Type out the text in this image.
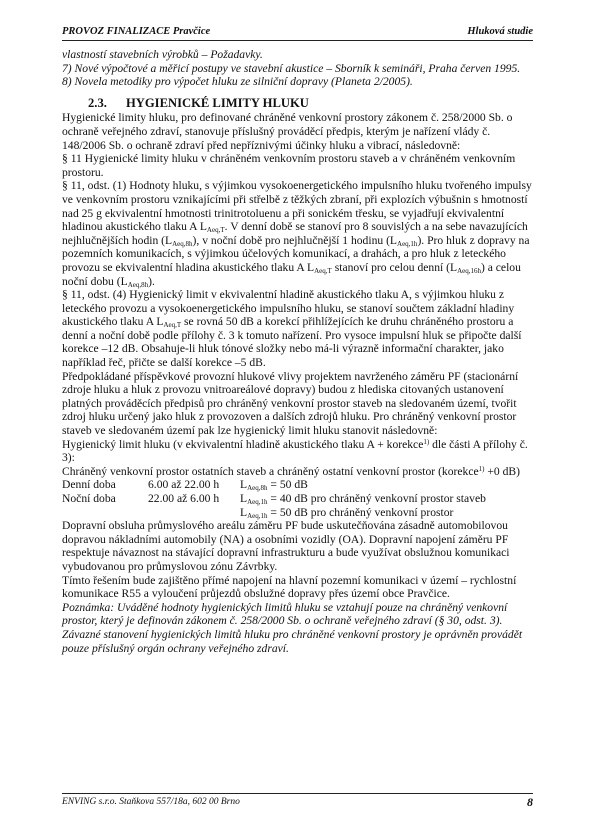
PROVOZ FINALIZACE Pravčice	Hluková studie

vlastností stavebních výrobků – Požadavky.

7) Nové výpočtové a měřicí postupy ve stavební akustice – Sborník k semináři, Praha červen 1995.

8) Novela metodiky pro výpočet hluku ze silniční dopravy (Planeta 2/2005).

2.3. HYGIENICKÉ LIMITY HLUKU

Hygienické limity hluku, pro definované chráněné venkovní prostory zákonem č. 258/2000 Sb. o ochraně veřejného zdraví, stanovuje příslušný prováděcí předpis, kterým je nařízení vlády č. 148/2006 Sb. o ochraně zdraví před nepříznivými účinky hluku a vibrací, následovně:

§ 11 Hygienické limity hluku v chráněném venkovním prostoru staveb a v chráněném venkovním prostoru.

§ 11, odst. (1) Hodnoty hluku, s výjimkou vysokoenergetického impulsního hluku tvořeného impulsy ve venkovním prostoru vznikajícími při střelbě z těžkých zbraní, při explozích výbušnin s hmotností nad 25 g ekvivalentní hmotnosti trinitrotoluenu a při sonickém třesku, se vyjadřují ekvivalentní hladinou akustického tlaku A $L_{Aeq,T}$. V denní době se stanoví pro 8 souvislých a na sebe navazujících nejhlučnějších hodin $(L_{Aeq,8h})$, v noční době pro nejhlučnější 1 hodinu $(L_{Aeq,1h})$. Pro hluk z dopravy na pozemních komunikacích, s výjimkou účelových komunikací, a drahách, a pro hluk z leteckého provozu se ekvivalentní hladina akustického tlaku A $L_{Aeq,T}$ stanoví pro celou denní $(L_{Aeq,16h})$ a celou noční dobu $(L_{Aeq,8h})$.

§ 11, odst. (4) Hygienický limit v ekvivalentní hladině akustického tlaku A, s výjimkou hluku z leteckého provozu a vysokoenergetického impulsního hluku, se stanoví součtem základní hladiny akustického tlaku A $L_{Aeq,T}$ se rovná 50 dB a korekcí přihlížejících ke druhu chráněného prostoru a denní a noční době podle přílohy č. 3 k tomuto nařízení. Pro vysoce impulsní hluk se připočte další korekce –12 dB. Obsahuje-li hluk tónové složky nebo má-li výrazně informační charakter, jako například řeč, přičte se další korekce –5 dB.

Předpokládané příspěvkové provozní hlukové vlivy projektem navrženého záměru PF (stacionární zdroje hluku a hluk z provozu vnitroareálové dopravy) budou z hlediska citovaných ustanovení platných prováděcích předpisů pro chráněný venkovní prostor staveb na sledovaném území, tvořit zdroj hluku určený jako hluk z provozoven a dalších zdrojů hluku. Pro chráněný venkovní prostor staveb ve sledovaném území pak lze hygienický limit hluku stanovit následovně:

Hygienický limit hluku (v ekvivalentní hladině akustického tlaku A + korekce$^{1)}$ dle části A přílohy č. 3):

Chráněný venkovní prostor ostatních staveb a chráněný ostatní venkovní prostor (korekce$^{1)}$ +0 dB)

Denní doba	6.00 až 22.00 h	$L_{Aeq,8h} = 50$ dB
Noční doba	22.00 až 6.00 h	$L_{Aeq,1h} = 40$ dB pro chráněný venkovní prostor staveb
$L_{Aeq,1h} = 50$ dB pro chráněný venkovní prostor

Dopravní obsluha průmyslového areálu záměru PF bude uskutečňována zásadně automobilovou dopravou nákladními automobily (NA) a osobními vozidly (OA). Dopravní napojení záměru PF respektuje návaznost na stávající dopravní infrastrukturu a bude využívat obslužnou komunikaci vybudovanou pro průmyslovou zónu Závrbky.

Tímto řešením bude zajištěno přímé napojení na hlavní pozemní komunikaci v území – rychlostní komunikace R55 a vyloučení průjezdů obslužné dopravy přes území obce Pravčice.

Poznámka: Uváděné hodnoty hygienických limitů hluku se vztahují pouze na chráněný venkovní prostor, který je definován zákonem č. 258/2000 Sb. o ochraně veřejného zdraví (§ 30, odst. 3). Závazné stanovení hygienických limitů hluku pro chráněné venkovní prostory je oprávněn provádět pouze příslušný orgán ochrany veřejného zdraví.

ENVING s.r.o. Staňkova 557/18a, 602 00 Brno	8
